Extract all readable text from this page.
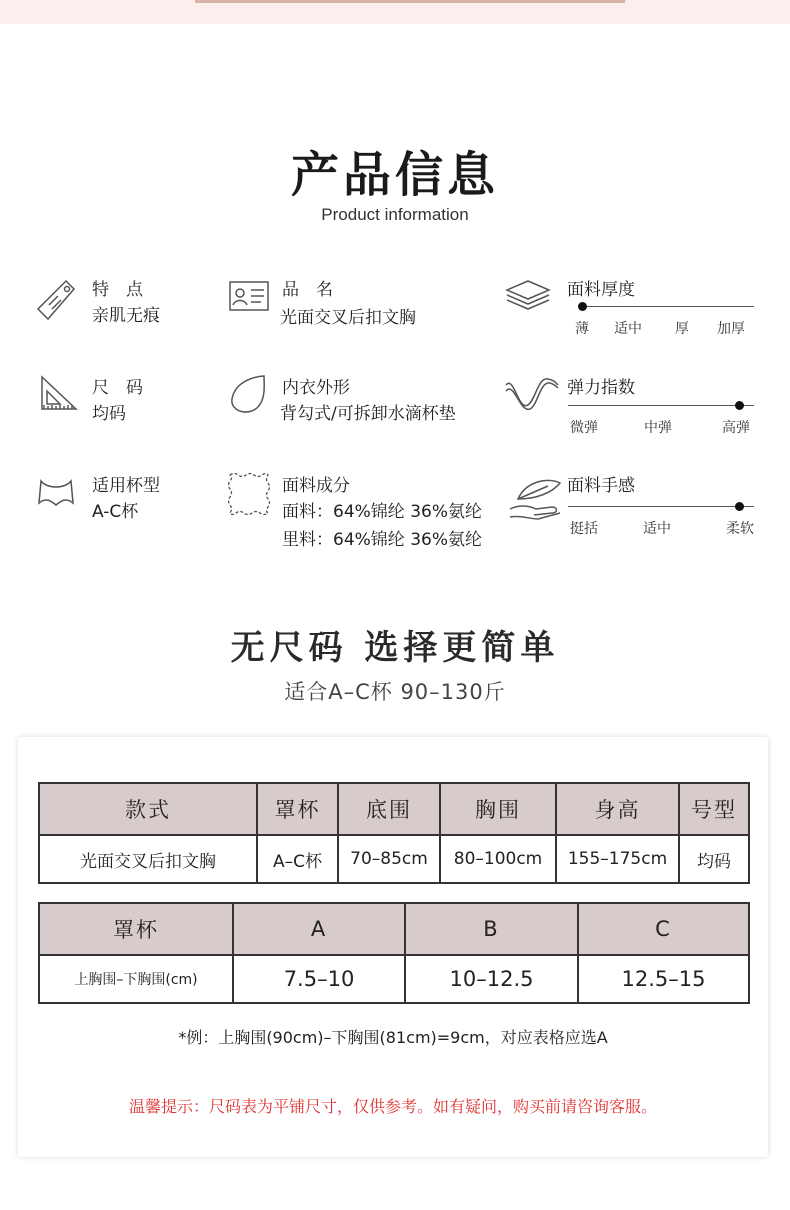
产品信息
Product information
特　点
亲肌无痕
尺　码
均码
适用杯型
A-C杯
品　名
光面交叉后扣文胸
内衣外形
背勾式/可拆卸水滴杯垫
面料成分
面料：64%锦纶 36%氨纶
里料：64%锦纶 36%氨纶
面料厚度
薄 适中 厚 加厚
弹力指数
微弹	中弹	高弹
面料手感
挺括	适中	柔软
无尺码 选择更简单
适合A–C杯 90–130斤
款式	罩杯	底围	胸围	身高	号型
光面交叉后扣文胸	A–C杯	70–85cm	80–100cm	155–175cm	均码
罩杯	A	B	C
上胸围–下胸围(cm)	7.5–10	10–12.5	12.5–15
*例：上胸围(90cm)–下胸围(81cm)=9cm，对应表格应选A
温馨提示：尺码表为平铺尺寸，仅供参考。如有疑问，购买前请咨询客服。
